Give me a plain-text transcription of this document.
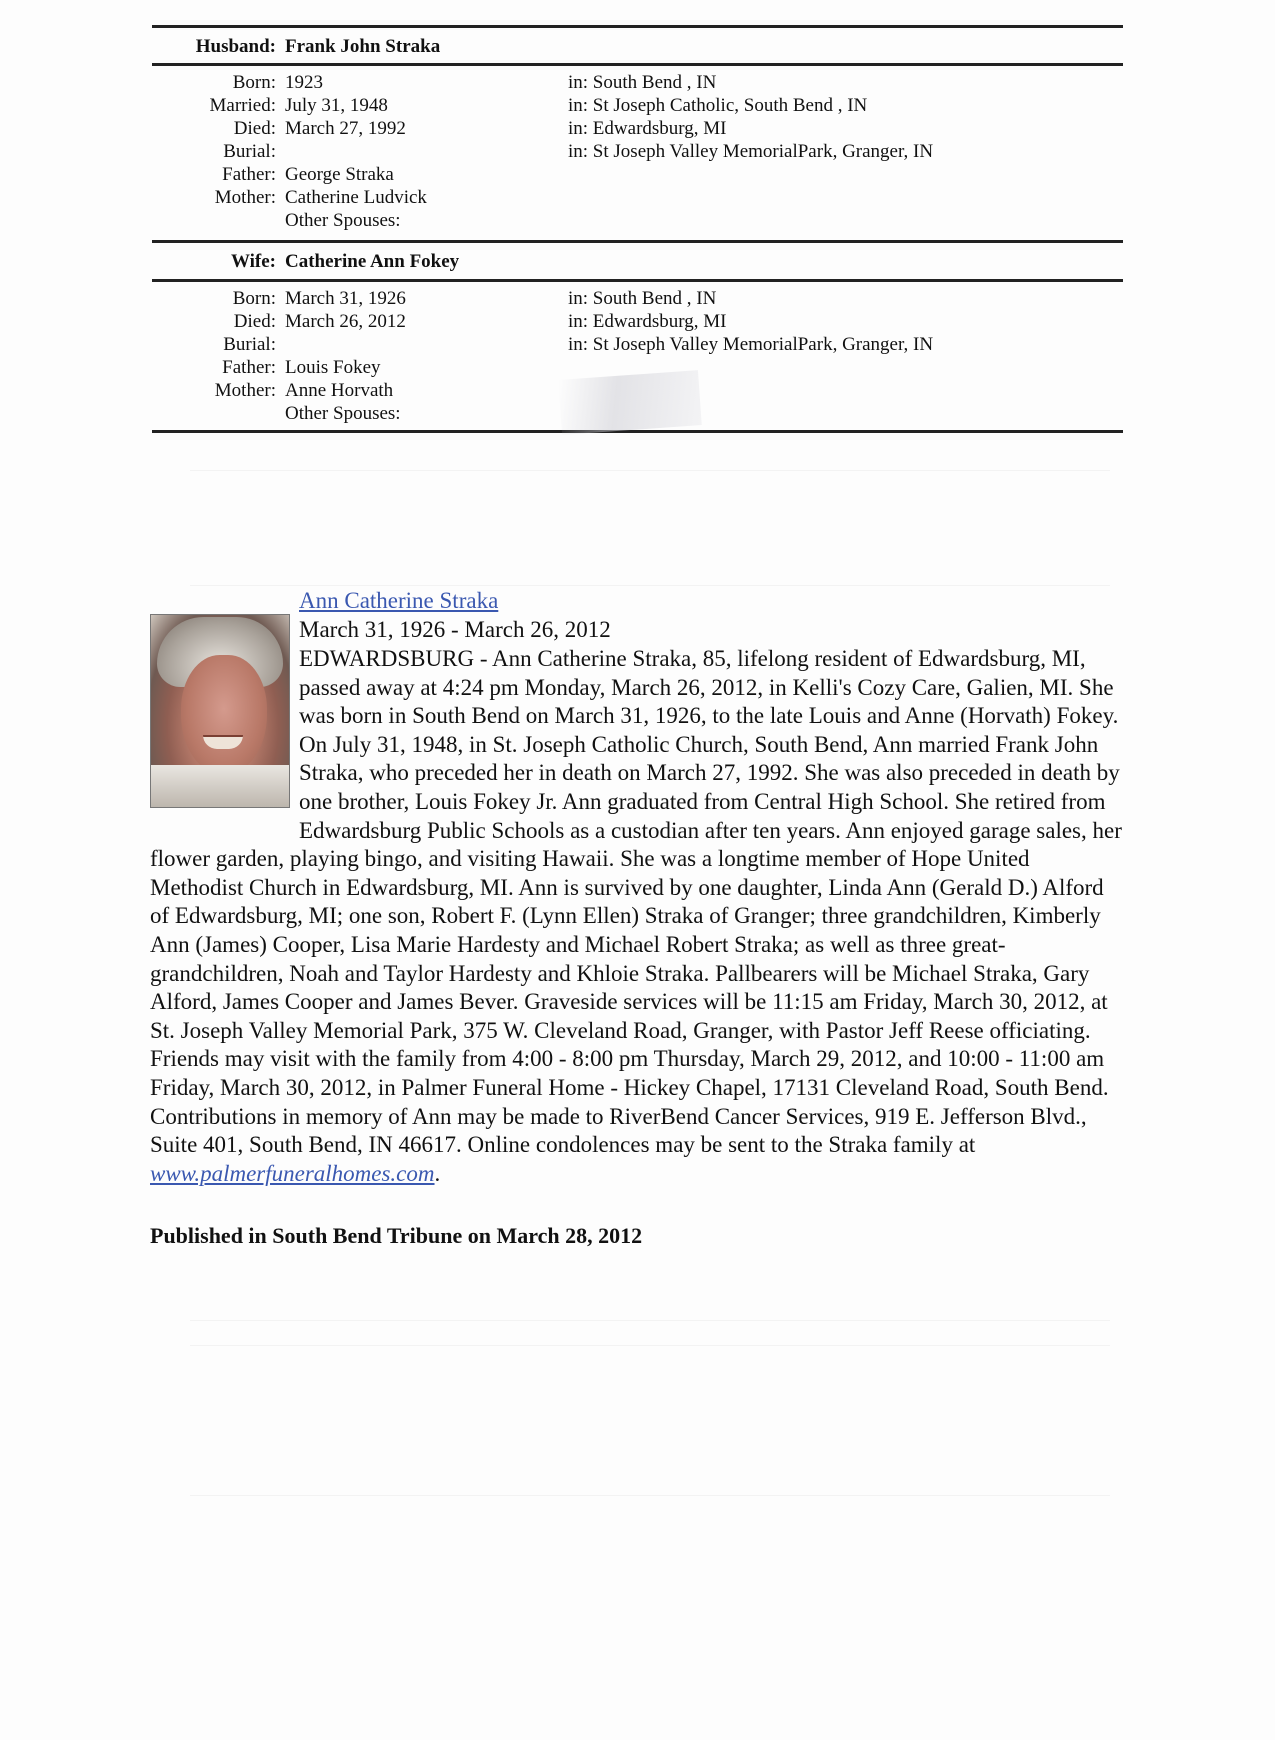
Husband: Frank John Straka
Born: 1923	in: South Bend , IN
Married: July 31, 1948	in: St Joseph Catholic, South Bend , IN
Died: March 27, 1992	in: Edwardsburg, MI
Burial:	in: St Joseph Valley MemorialPark, Granger, IN
Father: George Straka
Mother: Catherine Ludvick
Other Spouses:
Wife: Catherine Ann Fokey
Born: March 31, 1926	in: South Bend , IN
Died: March 26, 2012	in: Edwardsburg, MI
Burial:	in: St Joseph Valley MemorialPark, Granger, IN
Father: Louis Fokey
Mother: Anne Horvath
Other Spouses:
Ann Catherine Straka
March 31, 1926 - March 26, 2012
EDWARDSBURG - Ann Catherine Straka, 85, lifelong resident of Edwardsburg, MI, passed away at 4:24 pm Monday, March 26, 2012, in Kelli's Cozy Care, Galien, MI. She was born in South Bend on March 31, 1926, to the late Louis and Anne (Horvath) Fokey. On July 31, 1948, in St. Joseph Catholic Church, South Bend, Ann married Frank John Straka, who preceded her in death on March 27, 1992. She was also preceded in death by one brother, Louis Fokey Jr. Ann graduated from Central High School. She retired from Edwardsburg Public Schools as a custodian after ten years. Ann enjoyed garage sales, her flower garden, playing bingo, and visiting Hawaii. She was a longtime member of Hope United Methodist Church in Edwardsburg, MI. Ann is survived by one daughter, Linda Ann (Gerald D.) Alford of Edwardsburg, MI; one son, Robert F. (Lynn Ellen) Straka of Granger; three grandchildren, Kimberly Ann (James) Cooper, Lisa Marie Hardesty and Michael Robert Straka; as well as three great-grandchildren, Noah and Taylor Hardesty and Khloie Straka. Pallbearers will be Michael Straka, Gary Alford, James Cooper and James Bever. Graveside services will be 11:15 am Friday, March 30, 2012, at St. Joseph Valley Memorial Park, 375 W. Cleveland Road, Granger, with Pastor Jeff Reese officiating. Friends may visit with the family from 4:00 - 8:00 pm Thursday, March 29, 2012, and 10:00 - 11:00 am Friday, March 30, 2012, in Palmer Funeral Home - Hickey Chapel, 17131 Cleveland Road, South Bend. Contributions in memory of Ann may be made to RiverBend Cancer Services, 919 E. Jefferson Blvd., Suite 401, South Bend, IN 46617. Online condolences may be sent to the Straka family at www.palmerfuneralhomes.com.
Published in South Bend Tribune on March 28, 2012
